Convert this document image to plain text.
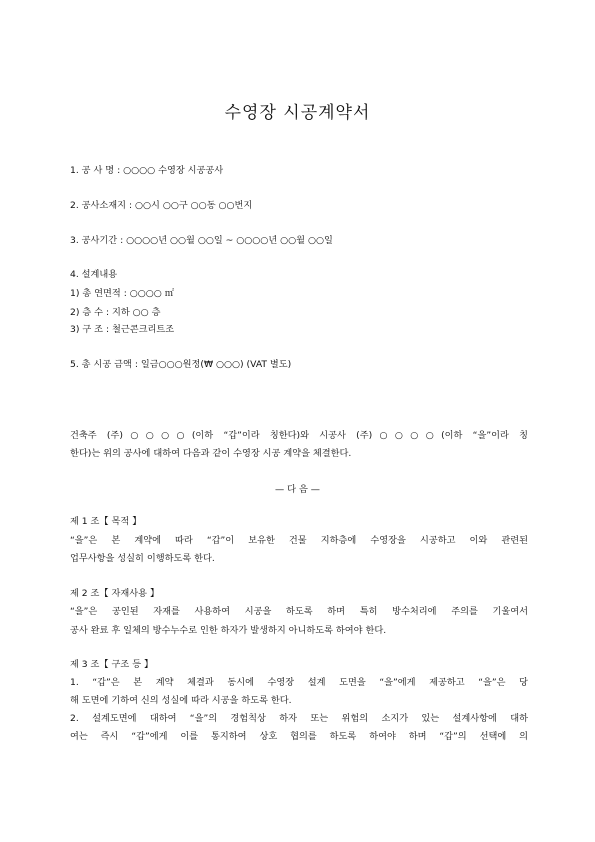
수영장 시공계약서
1. 공 사 명 : ○○○○ 수영장 시공공사
2. 공사소재지 : ○○시 ○○구 ○○동 ○○번지
3. 공사기간 : ○○○○년 ○○월 ○○일 ~ ○○○○년 ○○월 ○○일
4. 설계내용
1) 총 연면적 : ○○○○ ㎡
2) 층 수 : 지하 ○○ 층
3) 구 조 : 철근콘크리트조
5. 총 시공 금액 : 일금○○○원정(₩ ○○○) (VAT 별도)
건축주 (주)○○○○(이하 “갑”이라 칭한다)와 시공사 (주)○○○○(이하 “을”이라 칭
한다)는 위의 공사에 대하여 다음과 같이 수영장 시공 계약을 체결한다.
— 다 음 —
제 1 조【 목적 】
“을”은 본 계약에 따라 “갑”이 보유한 건물 지하층에 수영장을 시공하고 이와 관련된
업무사항을 성실히 이행하도록 한다.
제 2 조【 자재사용 】
“을”은 공인된 자재를 사용하여 시공을 하도록 하며 특히 방수처리에 주의를 기울여서
공사 완료 후 일체의 방수누수로 인한 하자가 발생하지 아니하도록 하여야 한다.
제 3 조【 구조 등 】
1. “갑”은 본 계약 체결과 동시에 수영장 설계 도면을 “을”에게 제공하고 “을”은 당
해 도면에 기하여 신의 성실에 따라 시공을 하도록 한다.
2. 설계도면에 대하여 “을”의 경험칙상 하자 또는 위험의 소지가 있는 설계사항에 대하
여는 즉시 “갑”에게 이를 통지하여 상호 협의를 하도록 하여야 하며 “갑”의 선택에 의
